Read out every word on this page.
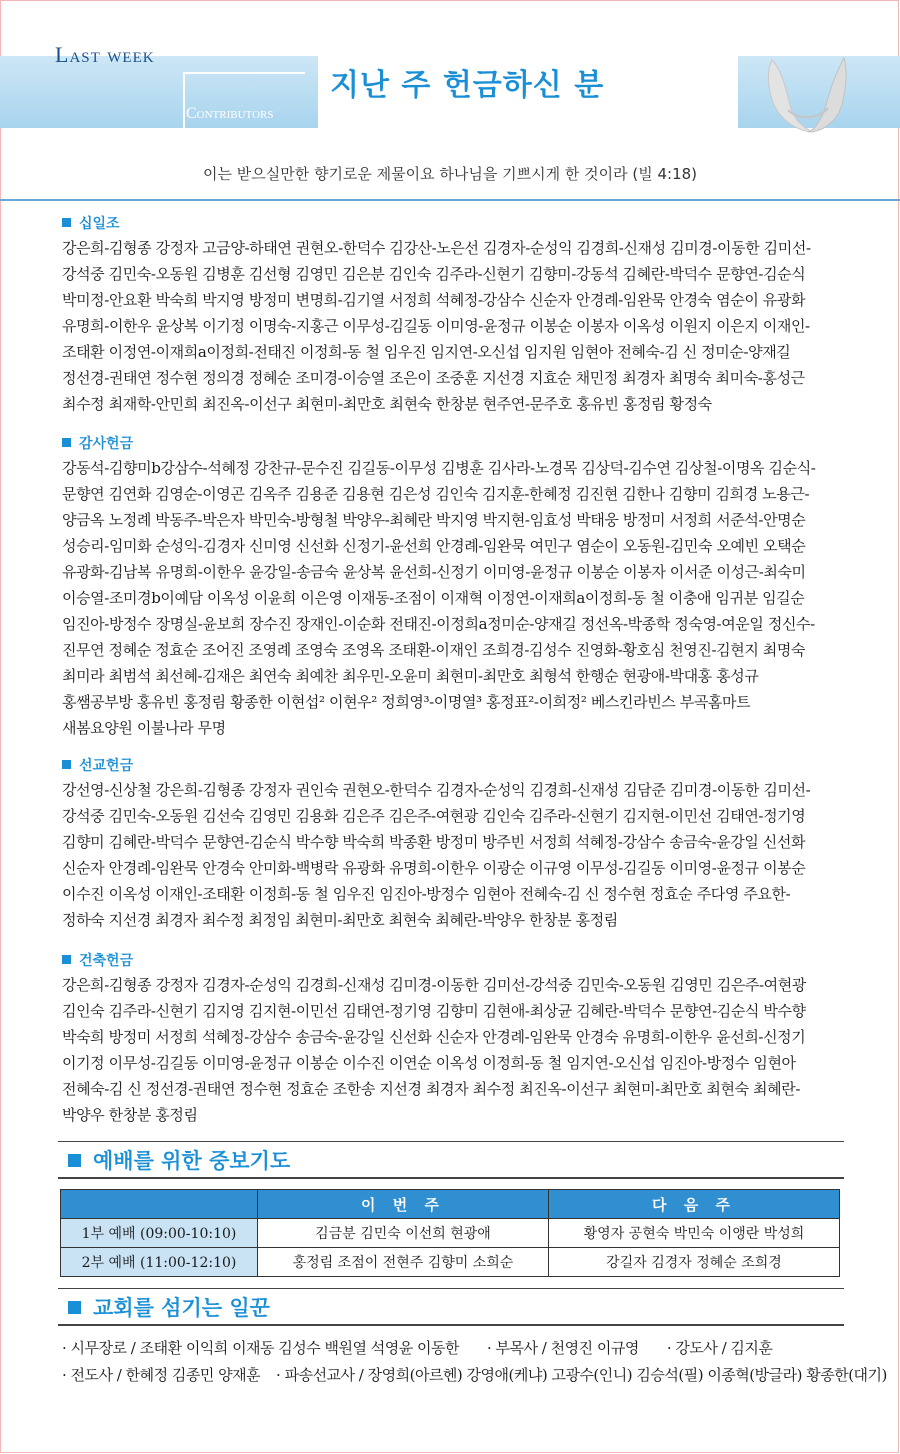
Last week
Contributors
지난 주 헌금하신 분
이는 받으실만한 향기로운 제물이요 하나님을 기쁘시게 한 것이라 (빌 4:18)
십일조

강은희-김형종 강정자 고금양-하태연 권현오-한덕수 김강산-노은선 김경자-순성익 김경희-신재성 김미경-이동한 김미선-

강석중 김민숙-오동원 김병훈 김선형 김영민 김은분 김인숙 김주라-신현기 김향미-강동석 김혜란-박덕수 문향연-김순식

박미정-안요환 박숙희 박지영 방정미 변명희-김기열 서정희 석혜정-강삼수 신순자 안경례-임완묵 안경숙 염순이 유광화

유명희-이한우 윤상복 이기정 이명숙-지홍근 이무성-김길동 이미영-윤정규 이봉순 이봉자 이옥성 이원지 이은지 이재인-

조태환 이정연-이재희a이정희-전태진 이정희-동 철 임우진 임지연-오신섭 임지원 임현아 전혜숙-김 신 정미순-양재길

정선경-권태연 정수현 정의경 정혜순 조미경-이승열 조은이 조중훈 지선경 지효순 채민정 최경자 최명숙 최미숙-홍성근

최수정 최재학-안민희 최진옥-이선구 최현미-최만호 최현숙 한창분 현주연-문주호 홍유빈 홍정림 황정숙

감사헌금

강동석-김향미b강삼수-석혜정 강찬규-문수진 김길동-이무성 김병훈 김사라-노경목 김상덕-김수연 김상철-이명옥 김순식-

문향연 김연화 김영순-이영곤 김옥주 김용준 김용현 김은성 김인숙 김지훈-한혜정 김진현 김한나 김향미 김희경 노용근-

양금옥 노정례 박동주-박은자 박민숙-방형철 박양우-최혜란 박지영 박지현-임효성 박태웅 방정미 서정희 서준석-안명순

성승리-임미화 순성익-김경자 신미영 신선화 신정기-윤선희 안경례-임완묵 여민구 염순이 오동원-김민숙 오예빈 오택순

유광화-김남복 유명희-이한우 윤강일-송금숙 윤상복 윤선희-신정기 이미영-윤정규 이봉순 이봉자 이서준 이성근-최숙미

이승열-조미경b이예담 이옥성 이윤희 이은영 이재동-조점이 이재혁 이정연-이재희a이정희-동 철 이충애 임귀분 임길순

임진아-방정수 장명실-윤보희 장수진 장재인-이순화 전태진-이정희a정미순-양재길 정선옥-박종학 정숙영-여운일 정신수-

진무연 정혜순 정효순 조어진 조영례 조영숙 조영옥 조태환-이재인 조희경-김성수 진영화-황호심 천영진-김현지 최명숙

최미라 최범석 최선혜-김재은 최연숙 최예찬 최우민-오윤미 최현미-최만호 최형석 한행순 현광애-박대홍 홍성규

홍쌤공부방 홍유빈 홍정림 황종한 이현섭² 이현우² 정희영³-이명열³ 홍정표²-이희정² 베스킨라빈스 부곡홈마트

새봄요양원 이불나라 무명

선교헌금

강선영-신상철 강은희-김형종 강정자 권인숙 권현오-한덕수 김경자-순성익 김경희-신재성 김담준 김미경-이동한 김미선-

강석중 김민숙-오동원 김선숙 김영민 김용화 김은주 김은주-여현광 김인숙 김주라-신현기 김지현-이민선 김태연-정기영

김향미 김혜란-박덕수 문향연-김순식 박수향 박숙희 박종환 방정미 방주빈 서정희 석혜정-강삼수 송금숙-윤강일 신선화

신순자 안경례-임완묵 안경숙 안미화-백병락 유광화 유명희-이한우 이광순 이규영 이무성-김길동 이미영-윤정규 이봉순

이수진 이옥성 이재인-조태환 이정희-동 철 임우진 임진아-방정수 임현아 전혜숙-김 신 정수현 정효순 주다영 주요한-

정하숙 지선경 최경자 최수정 최정임 최현미-최만호 최현숙 최혜란-박양우 한창분 홍정림

건축헌금

강은희-김형종 강정자 김경자-순성익 김경희-신재성 김미경-이동한 김미선-강석중 김민숙-오동원 김영민 김은주-여현광

김인숙 김주라-신현기 김지영 김지현-이민선 김태연-정기영 김향미 김현애-최상균 김혜란-박덕수 문향연-김순식 박수향

박숙희 방정미 서정희 석혜정-강삼수 송금숙-윤강일 신선화 신순자 안경례-임완묵 안경숙 유명희-이한우 윤선희-신정기

이기정 이무성-김길동 이미영-윤정규 이봉순 이수진 이연순 이옥성 이정희-동 철 임지연-오신섭 임진아-방정수 임현아

전혜숙-김 신 정선경-권태연 정수현 정효순 조한송 지선경 최경자 최수정 최진옥-이선구 최현미-최만호 최현숙 최혜란-

박양우 한창분 홍정림

예배를 위한 중보기도
	이 번 주	다 음 주
1부 예배 (09:00-10:10)	김금분 김민숙 이선희 현광애	황영자 공현숙 박민숙 이앵란 박성희
2부 예배 (11:00-12:10)	홍정림 조점이 전현주 김향미 소희순	강길자 김경자 정혜순 조희경
교회를 섬기는 일꾼

· 시무장로 / 조태환 이익희 이재동 김성수 백원열 석영윤 이동한 · 부목사 / 천영진 이규영 · 강도사 / 김지훈

· 전도사 / 한혜정 김종민 양재훈 · 파송선교사 / 장영희(아르헨) 강영애(케냐) 고광수(인니) 김승석(필) 이종혁(방글라) 황종한(대기)
